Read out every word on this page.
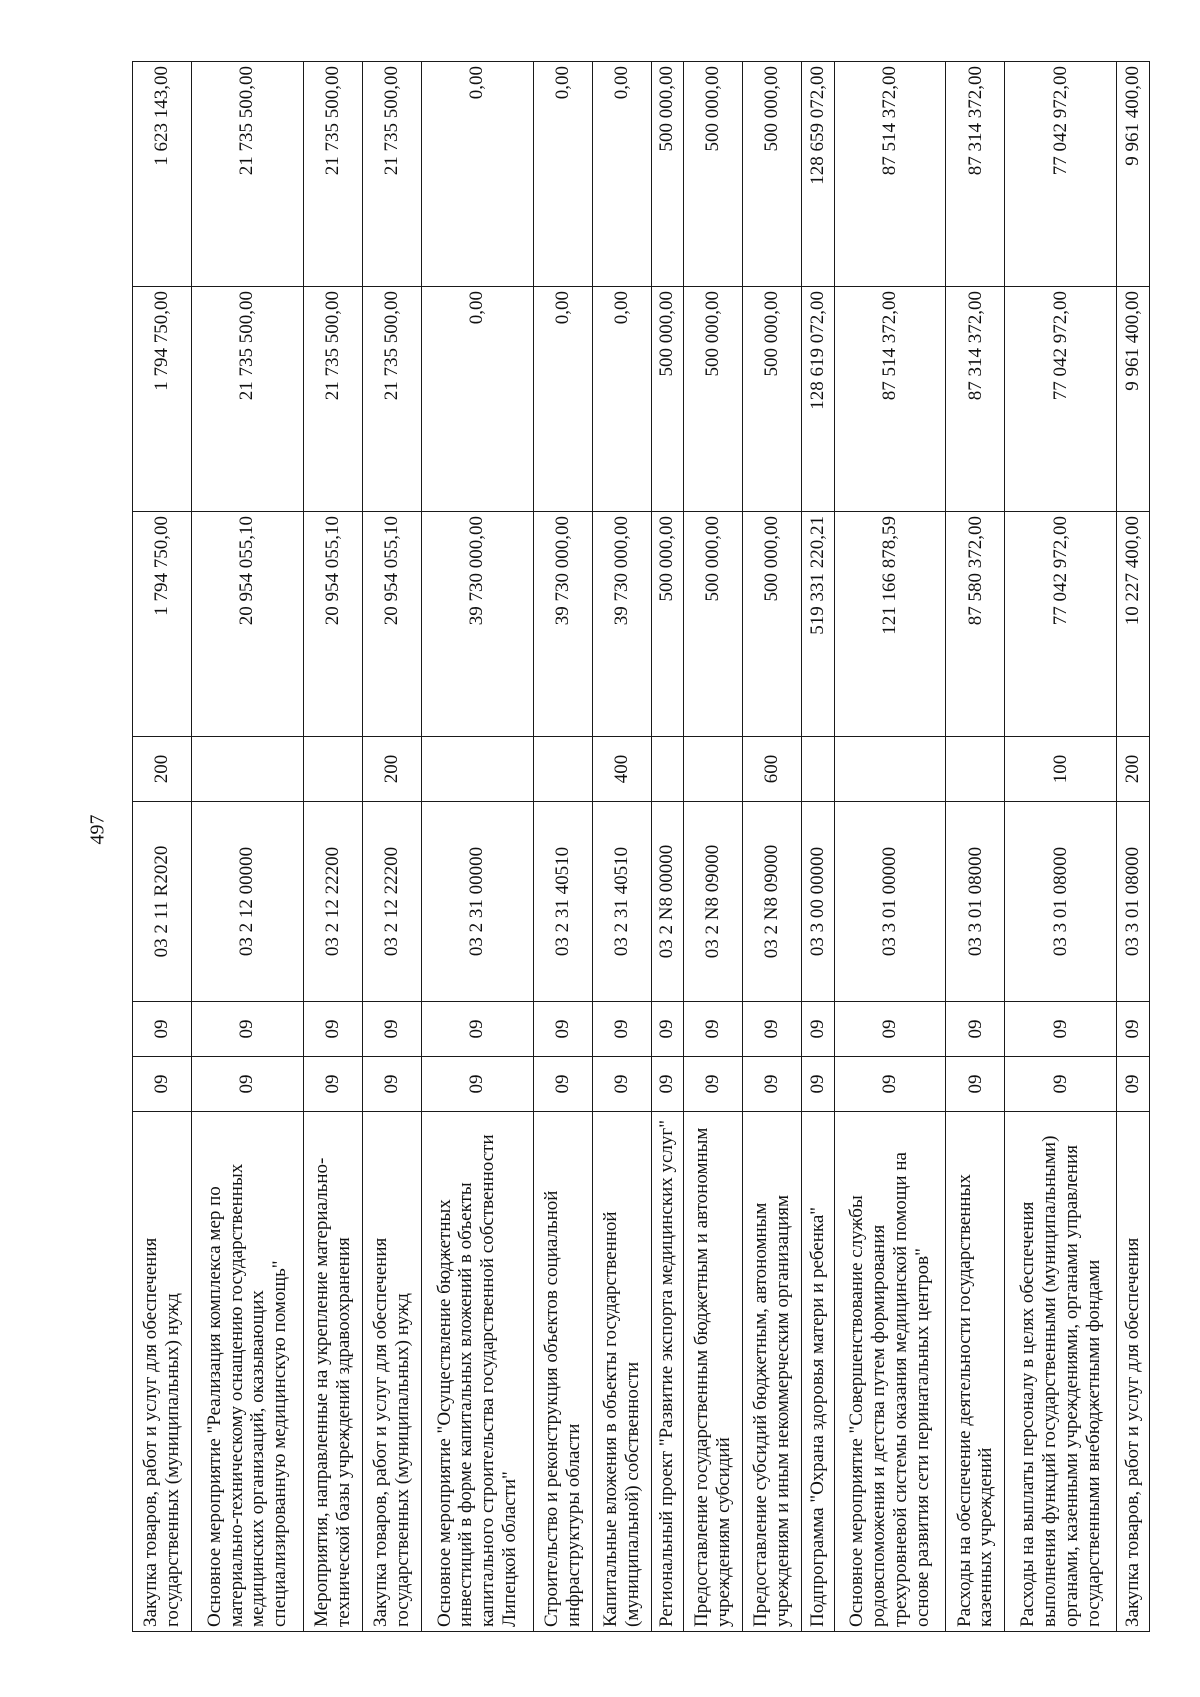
497
Закупка товаров, работ и услуг для обеспечения государственных (муниципальных) нужд	09	09	03 2 11 R2020	200	1 794 750,00	1 794 750,00	1 623 143,00
Основное мероприятие "Реализация комплекса мер по материально-техническому оснащению государственных медицинских организаций, оказывающих специализированную медицинскую помощь"	09	09	03 2 12 00000		20 954 055,10	21 735 500,00	21 735 500,00
Мероприятия, направленные на укрепление материально-технической базы учреждений здравоохранения	09	09	03 2 12 22200		20 954 055,10	21 735 500,00	21 735 500,00
Закупка товаров, работ и услуг для обеспечения государственных (муниципальных) нужд	09	09	03 2 12 22200	200	20 954 055,10	21 735 500,00	21 735 500,00
Основное мероприятие "Осуществление бюджетных инвестиций в форме капитальных вложений в объекты капитального строительства государственной собственности Липецкой области"	09	09	03 2 31 00000		39 730 000,00	0,00	0,00
Строительство и реконструкция объектов социальной инфраструктуры области	09	09	03 2 31 40510		39 730 000,00	0,00	0,00
Капитальные вложения в объекты государственной (муниципальной) собственности	09	09	03 2 31 40510	400	39 730 000,00	0,00	0,00
Региональный проект "Развитие экспорта медицинских услуг"	09	09	03 2 N8 00000		500 000,00	500 000,00	500 000,00
Предоставление государственным бюджетным и автономным учреждениям субсидий	09	09	03 2 N8 09000		500 000,00	500 000,00	500 000,00
Предоставление субсидий бюджетным, автономным учреждениям и иным некоммерческим организациям	09	09	03 2 N8 09000	600	500 000,00	500 000,00	500 000,00
Подпрограмма "Охрана здоровья матери и ребенка"	09	09	03 3 00 00000		519 331 220,21	128 619 072,00	128 659 072,00
Основное мероприятие "Совершенствование службы родовспоможения и детства путем формирования трехуровневой системы оказания медицинской помощи на основе развития сети перинатальных центров"	09	09	03 3 01 00000		121 166 878,59	87 514 372,00	87 514 372,00
Расходы на обеспечение деятельности государственных казенных учреждений	09	09	03 3 01 08000		87 580 372,00	87 314 372,00	87 314 372,00
Расходы на выплаты персоналу в целях обеспечения выполнения функций государственными (муниципальными) органами, казенными учреждениями, органами управления государственными внебюджетными фондами	09	09	03 3 01 08000	100	77 042 972,00	77 042 972,00	77 042 972,00
Закупка товаров, работ и услуг для обеспечения	09	09	03 3 01 08000	200	10 227 400,00	9 961 400,00	9 961 400,00
